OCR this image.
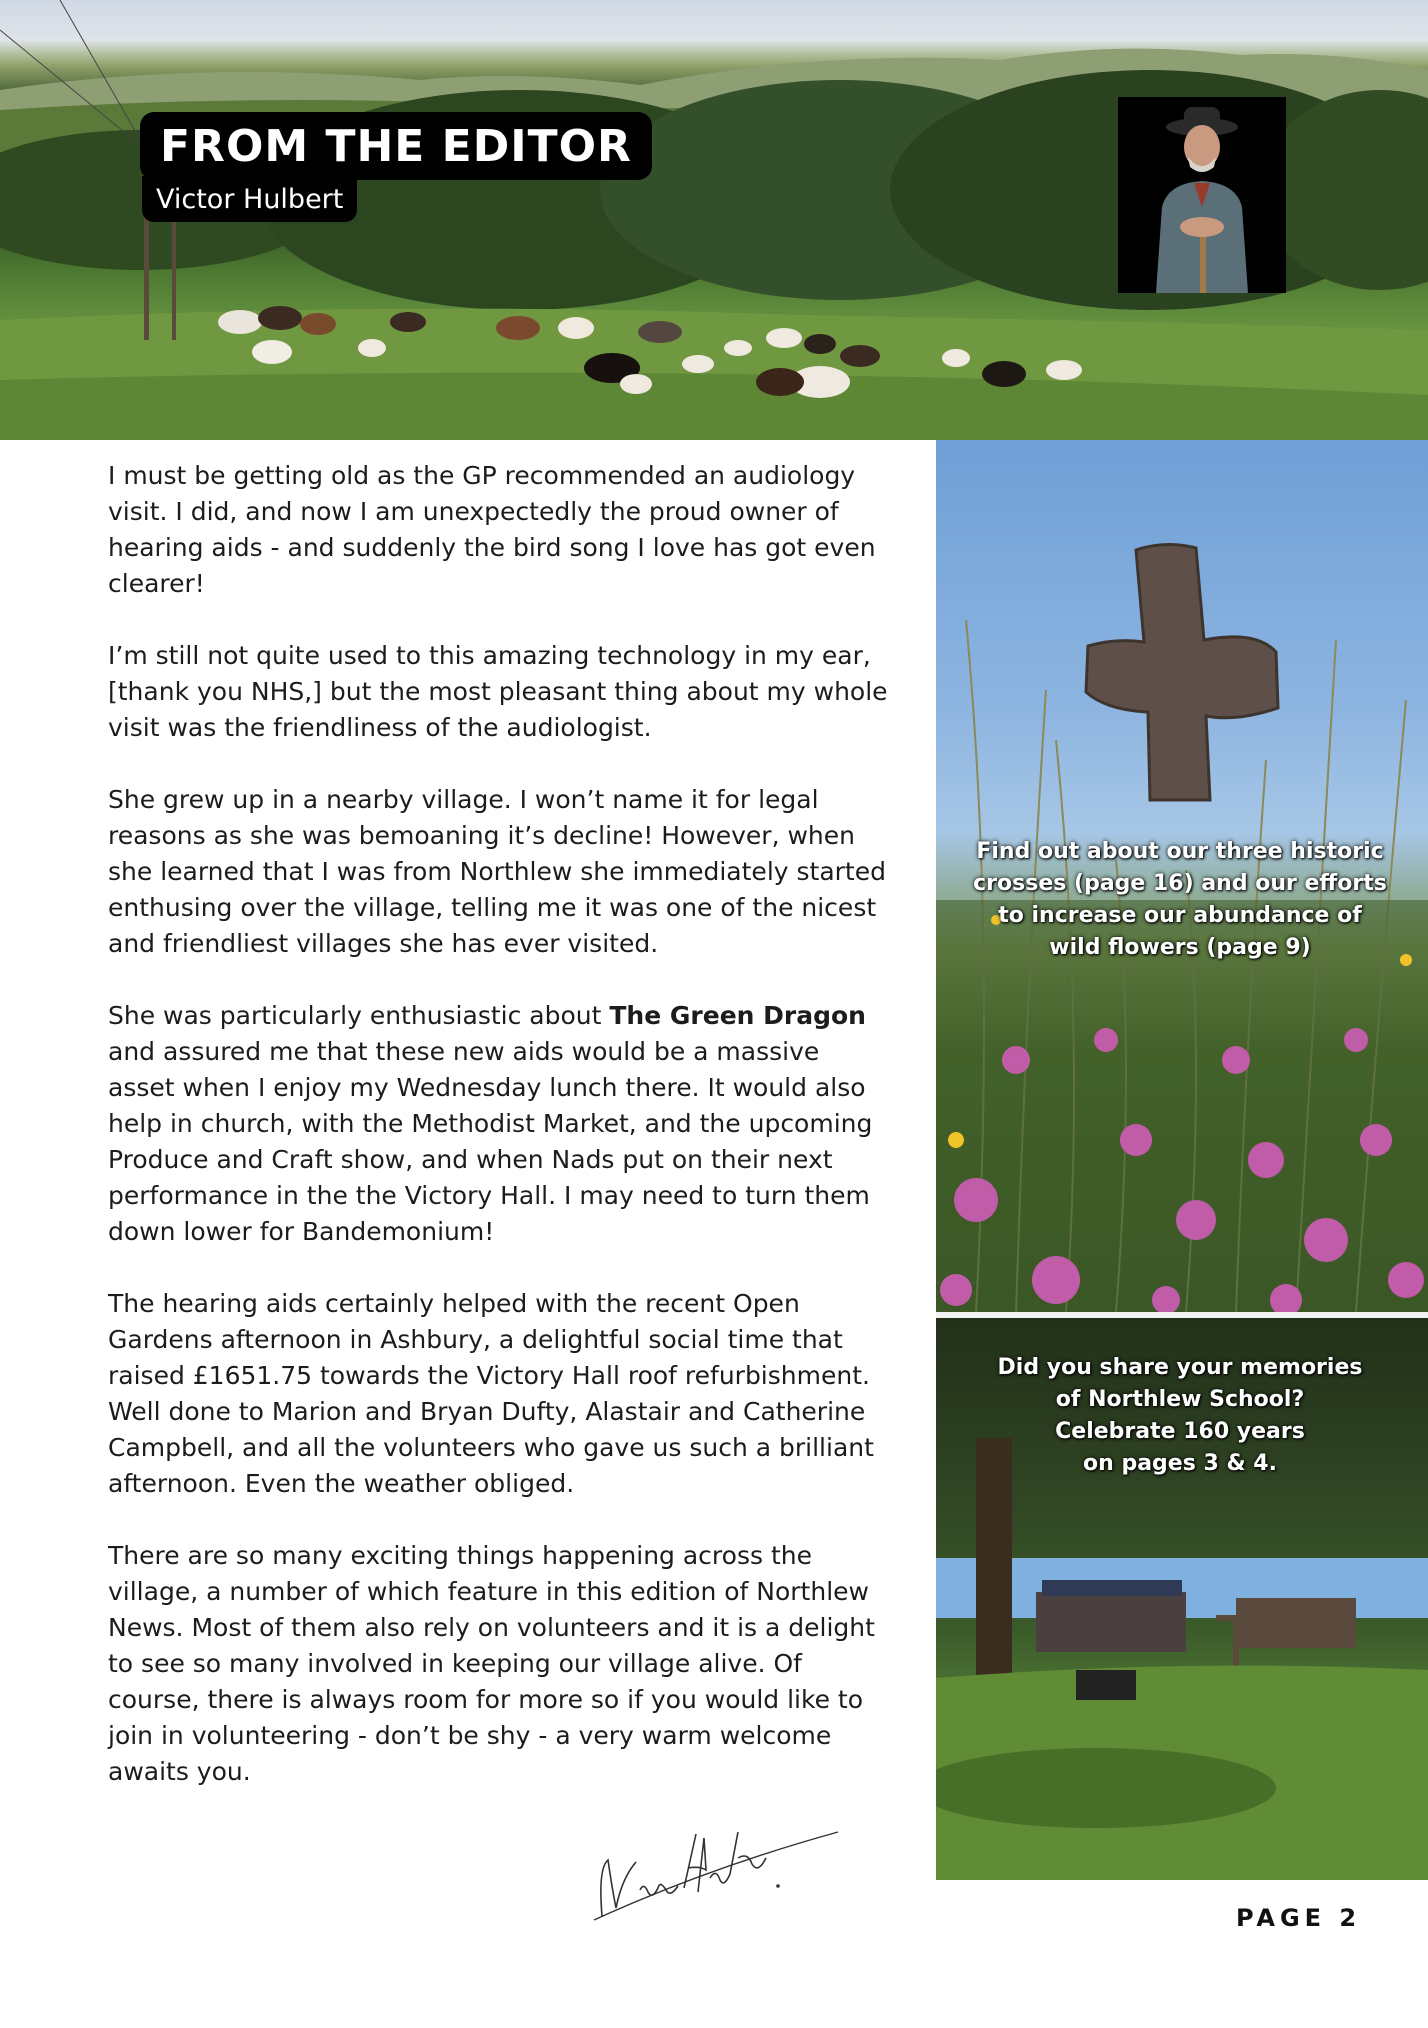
FROM THE EDITOR
Victor Hulbert

I must be getting old as the GP recommended an audiology visit. I did, and now I am unexpectedly the proud owner of hearing aids - and suddenly the bird song I love has got even clearer!

I’m still not quite used to this amazing technology in my ear, [thank you NHS,] but the most pleasant thing about my whole visit was the friendliness of the audiologist.

She grew up in a nearby village. I won’t name it for legal reasons as she was bemoaning it’s decline! However, when she learned that I was from Northlew she immediately started enthusing over the village, telling me it was one of the nicest and friendliest villages she has ever visited.

She was particularly enthusiastic about The Green Dragon and assured me that these new aids would be a massive asset when I enjoy my Wednesday lunch there. It would also help in church, with the Methodist Market, and the upcoming Produce and Craft show, and when Nads put on their next performance in the the Victory Hall. I may need to turn them down lower for Bandemonium!

The hearing aids certainly helped with the recent Open Gardens afternoon in Ashbury, a delightful social time that raised £1651.75 towards the Victory Hall roof refurbishment. Well done to Marion and Bryan Dufty, Alastair and Catherine Campbell, and all the volunteers who gave us such a brilliant afternoon. Even the weather obliged.

There are so many exciting things happening across the village, a number of which feature in this edition of Northlew News. Most of them also rely on volunteers and it is a delight to see so many involved in keeping our village alive. Of course, there is always room for more so if you would like to join in volunteering - don’t be shy - a very warm welcome awaits you.

Find out about our three historic crosses (page 16) and our efforts to increase our abundance of wild flowers (page 9)
Did you share your memories of Northlew School?
Celebrate 160 years
on pages 3 & 4.
PAGE 2
